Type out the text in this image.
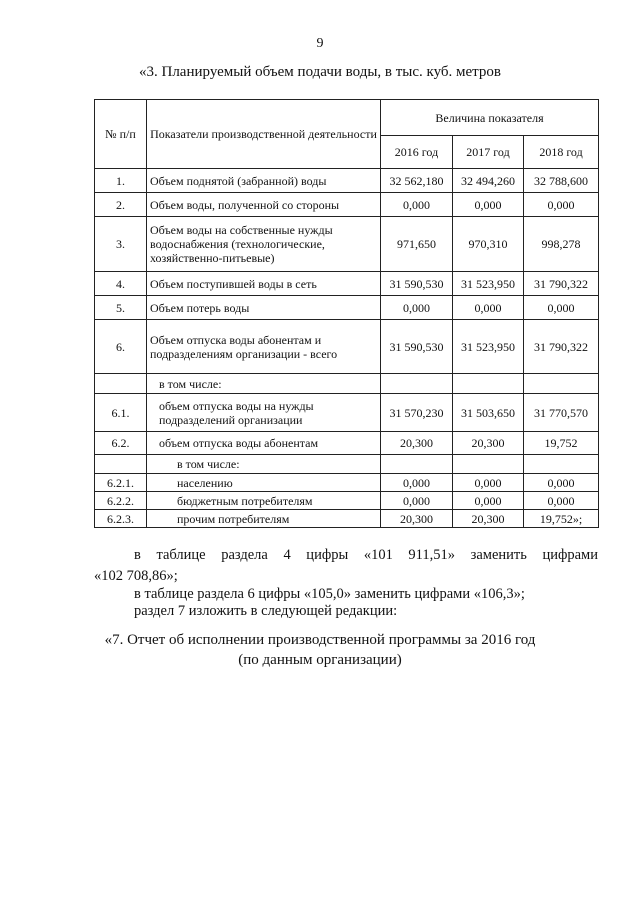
9
«3. Планируемый объем подачи воды, в тыс. куб. метров
№ п/п	Показатели производственной деятельности	Величина показателя		
		2016 год	2017 год	2018 год
1.	Объем поднятой (забранной) воды	32 562,180	32 494,260	32 788,600
2.	Объем воды, полученной со стороны	0,000	0,000	0,000
3.	Объем воды на собственные нужды водоснабжения (технологические, хозяйственно-питьевые)	971,650	970,310	998,278
4.	Объем поступившей воды в сеть	31 590,530	31 523,950	31 790,322
5.	Объем потерь воды	0,000	0,000	0,000
6.	Объем отпуска воды абонентам и подразделениям организации - всего	31 590,530	31 523,950	31 790,322
	в том числе:			
6.1.	объем отпуска воды на нужды подразделений организации	31 570,230	31 503,650	31 770,570
6.2.	объем отпуска воды абонентам	20,300	20,300	19,752
	в том числе:			
6.2.1.	населению	0,000	0,000	0,000
6.2.2.	бюджетным потребителям	0,000	0,000	0,000
6.2.3.	прочим потребителям	20,300	20,300	19,752»;
в таблице раздела 4 цифры «101 911,51» заменить цифрами
«102 708,86»;
в таблице раздела 6 цифры «105,0» заменить цифрами «106,3»;
раздел 7 изложить в следующей редакции:
«7. Отчет об исполнении производственной программы за 2016 год
(по данным организации)
